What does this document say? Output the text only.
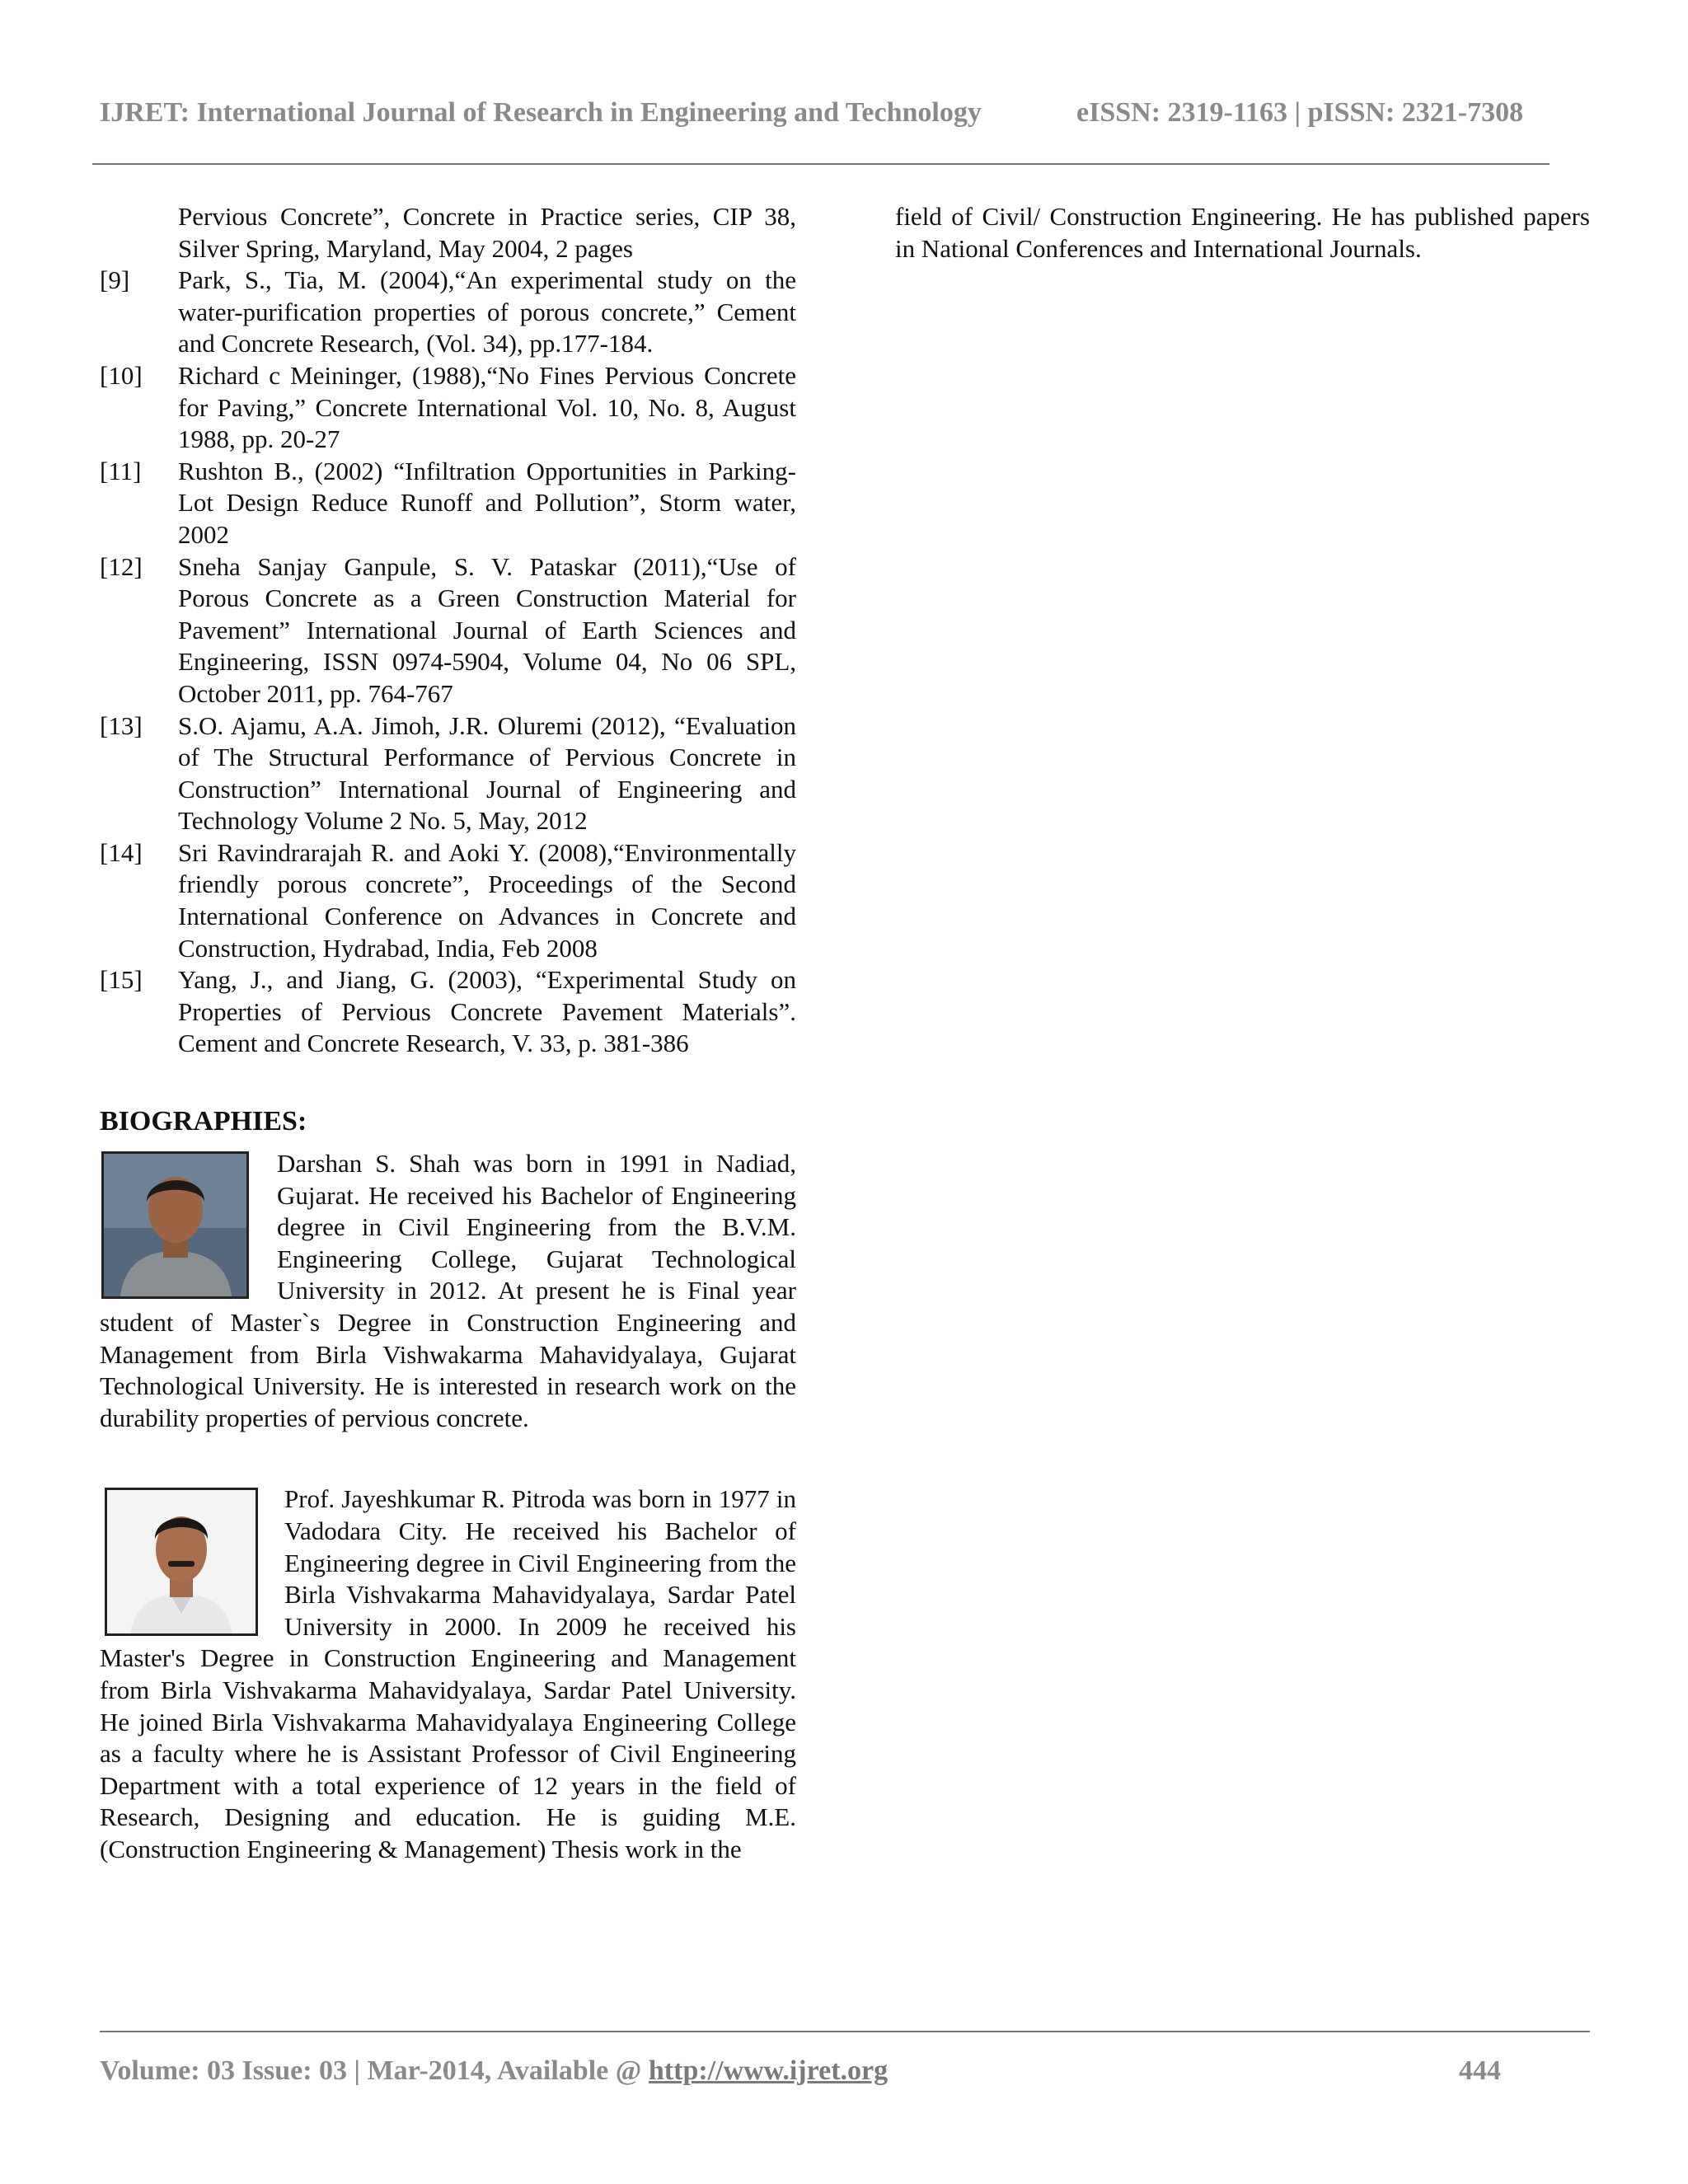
IJRET: International Journal of Research in Engineering and Technology	eISSN: 2319-1163 | pISSN: 2321-7308

Pervious Concrete”, Concrete in Practice series, CIP 38, Silver Spring, Maryland, May 2004, 2 pages

[9]	Park, S., Tia, M. (2004),“An experimental study on the water-purification properties of porous concrete,” Cement and Concrete Research, (Vol. 34), pp.177-184.
[10]	Richard c Meininger, (1988),“No Fines Pervious Concrete for Paving,” Concrete International Vol. 10, No. 8, August 1988, pp. 20-27
[11]	Rushton B., (2002) “Infiltration Opportunities in Parking-Lot Design Reduce Runoff and Pollution”, Storm water, 2002
[12]	Sneha Sanjay Ganpule, S. V. Pataskar (2011),“Use of Porous Concrete as a Green Construction Material for Pavement” International Journal of Earth Sciences and Engineering, ISSN 0974-5904, Volume 04, No 06 SPL, October 2011, pp. 764-767
[13]	S.O. Ajamu, A.A. Jimoh, J.R. Oluremi (2012), “Evaluation of The Structural Performance of Pervious Concrete in Construction” International Journal of Engineering and Technology Volume 2 No. 5, May, 2012
[14]	Sri Ravindrarajah R. and Aoki Y. (2008),“Environmentally friendly porous concrete”, Proceedings of the Second International Conference on Advances in Concrete and Construction, Hydrabad, India, Feb 2008
[15]	Yang, J., and Jiang, G. (2003), “Experimental Study on Properties of Pervious Concrete Pavement Materials”. Cement and Concrete Research, V. 33, p. 381-386
BIOGRAPHIES:

Darshan S. Shah was born in 1991 in Nadiad, Gujarat. He received his Bachelor of Engineering degree in Civil Engineering from the B.V.M. Engineering College, Gujarat Technological University in 2012. At present he is Final year student of Master`s Degree in Construction Engineering and Management from Birla Vishwakarma Mahavidyalaya, Gujarat Technological University. He is interested in research work on the durability properties of pervious concrete.

Prof. Jayeshkumar R. Pitroda was born in 1977 in Vadodara City. He received his Bachelor of Engineering degree in Civil Engineering from the Birla Vishvakarma Mahavidyalaya, Sardar Patel University in 2000. In 2009 he received his Master's Degree in Construction Engineering and Management from Birla Vishvakarma Mahavidyalaya, Sardar Patel University. He joined Birla Vishvakarma Mahavidyalaya Engineering College as a faculty where he is Assistant Professor of Civil Engineering Department with a total experience of 12 years in the field of Research, Designing and education. He is guiding M.E. (Construction Engineering & Management) Thesis work in the

field of Civil/ Construction Engineering. He has published papers in National Conferences and International Journals.

Volume: 03 Issue: 03 | Mar-2014, Available @ http://www.ijret.org	444
